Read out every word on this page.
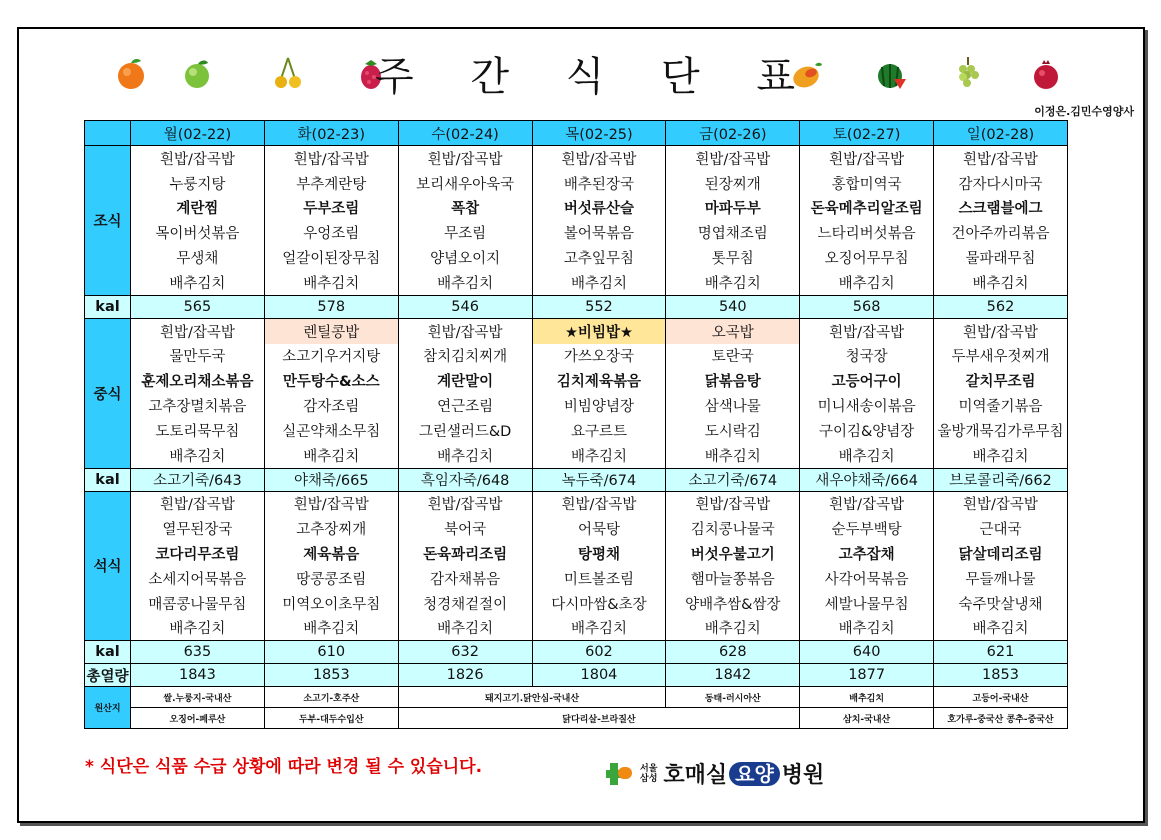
주 간 식 단 표
이정은.김민수영양사
	월(02-22)	화(02-23)	수(02-24)	목(02-25)	금(02-26)	토(02-27)	일(02-28)	
조식	흰밥/잡곡밥	흰밥/잡곡밥	흰밥/잡곡밥	흰밥/잡곡밥	흰밥/잡곡밥	흰밥/잡곡밥	흰밥/잡곡밥	
	누룽지탕	부추계란탕	보리새우아욱국	배추된장국	된장찌개	홍합미역국	감자다시마국	
	계란찜	두부조림	폭찹	버섯류산슬	마파두부	돈육메추리알조림	스크램블에그	
	목이버섯볶음	우엉조림	무조림	볼어묵볶음	명엽채조림	느타리버섯볶음	건아주까리볶음	
	무생채	얼갈이된장무침	양념오이지	고추잎무침	톳무침	오징어무무침	물파래무침	
	배추김치	배추김치	배추김치	배추김치	배추김치	배추김치	배추김치	
kal	565	578	546	552	540	568	562	
중식	흰밥/잡곡밥	렌틸콩밥	흰밥/잡곡밥	★비빔밥★	오곡밥	흰밥/잡곡밥	흰밥/잡곡밥	
	물만두국	소고기우거지탕	참치김치찌개	가쓰오장국	토란국	청국장	두부새우젓찌개	
	훈제오리채소볶음	만두탕수&소스	계란말이	김치제육볶음	닭볶음탕	고등어구이	갈치무조림	
	고추장멸치볶음	감자조림	연근조림	비빔양념장	삼색나물	미니새송이볶음	미역줄기볶음	
	도토리묵무침	실곤약채소무침	그린샐러드&D	요구르트	도시락김	구이김&양념장	울방개묵김가루무침	
	배추김치	배추김치	배추김치	배추김치	배추김치	배추김치	배추김치	
kal	소고기죽/643	야채죽/665	흑임자죽/648	녹두죽/674	소고기죽/674	새우야채죽/664	브로콜리죽/662	
석식	흰밥/잡곡밥	흰밥/잡곡밥	흰밥/잡곡밥	흰밥/잡곡밥	흰밥/잡곡밥	흰밥/잡곡밥	흰밥/잡곡밥	
	열무된장국	고추장찌개	북어국	어묵탕	김치콩나물국	순두부백탕	근대국	
	코다리무조림	제육볶음	돈육꽈리조림	탕평채	버섯우불고기	고추잡채	닭살데리조림	
	소세지어묵볶음	땅콩콩조림	감자채볶음	미트볼조림	햄마늘쫑볶음	사각어묵볶음	무들깨나물	
	매콤콩나물무침	미역오이초무침	청경채겉절이	다시마쌈&초장	양배추쌈&쌈장	세발나물무침	숙주맛살냉채	
	배추김치	배추김치	배추김치	배추김치	배추김치	배추김치	배추김치	
kal	635	610	632	602	628	640	621	
총열량	1843	1853	1826	1804	1842	1877	1853	
원산지	쌀.누룽지-국내산	소고기-호주산	돼지고기.닭안심-국내산		동태-러시아산	배추김치	고등어-국내산	
	오징어-페루산	두부-대두수입산	닭다리살-브라질산			삼치-국내산	호가루-중국산 콩추-중국산	
* 식단은 식품 수급 상황에 따라 변경 될 수 있습니다.	서울
삼성 호매실 요양 병원
